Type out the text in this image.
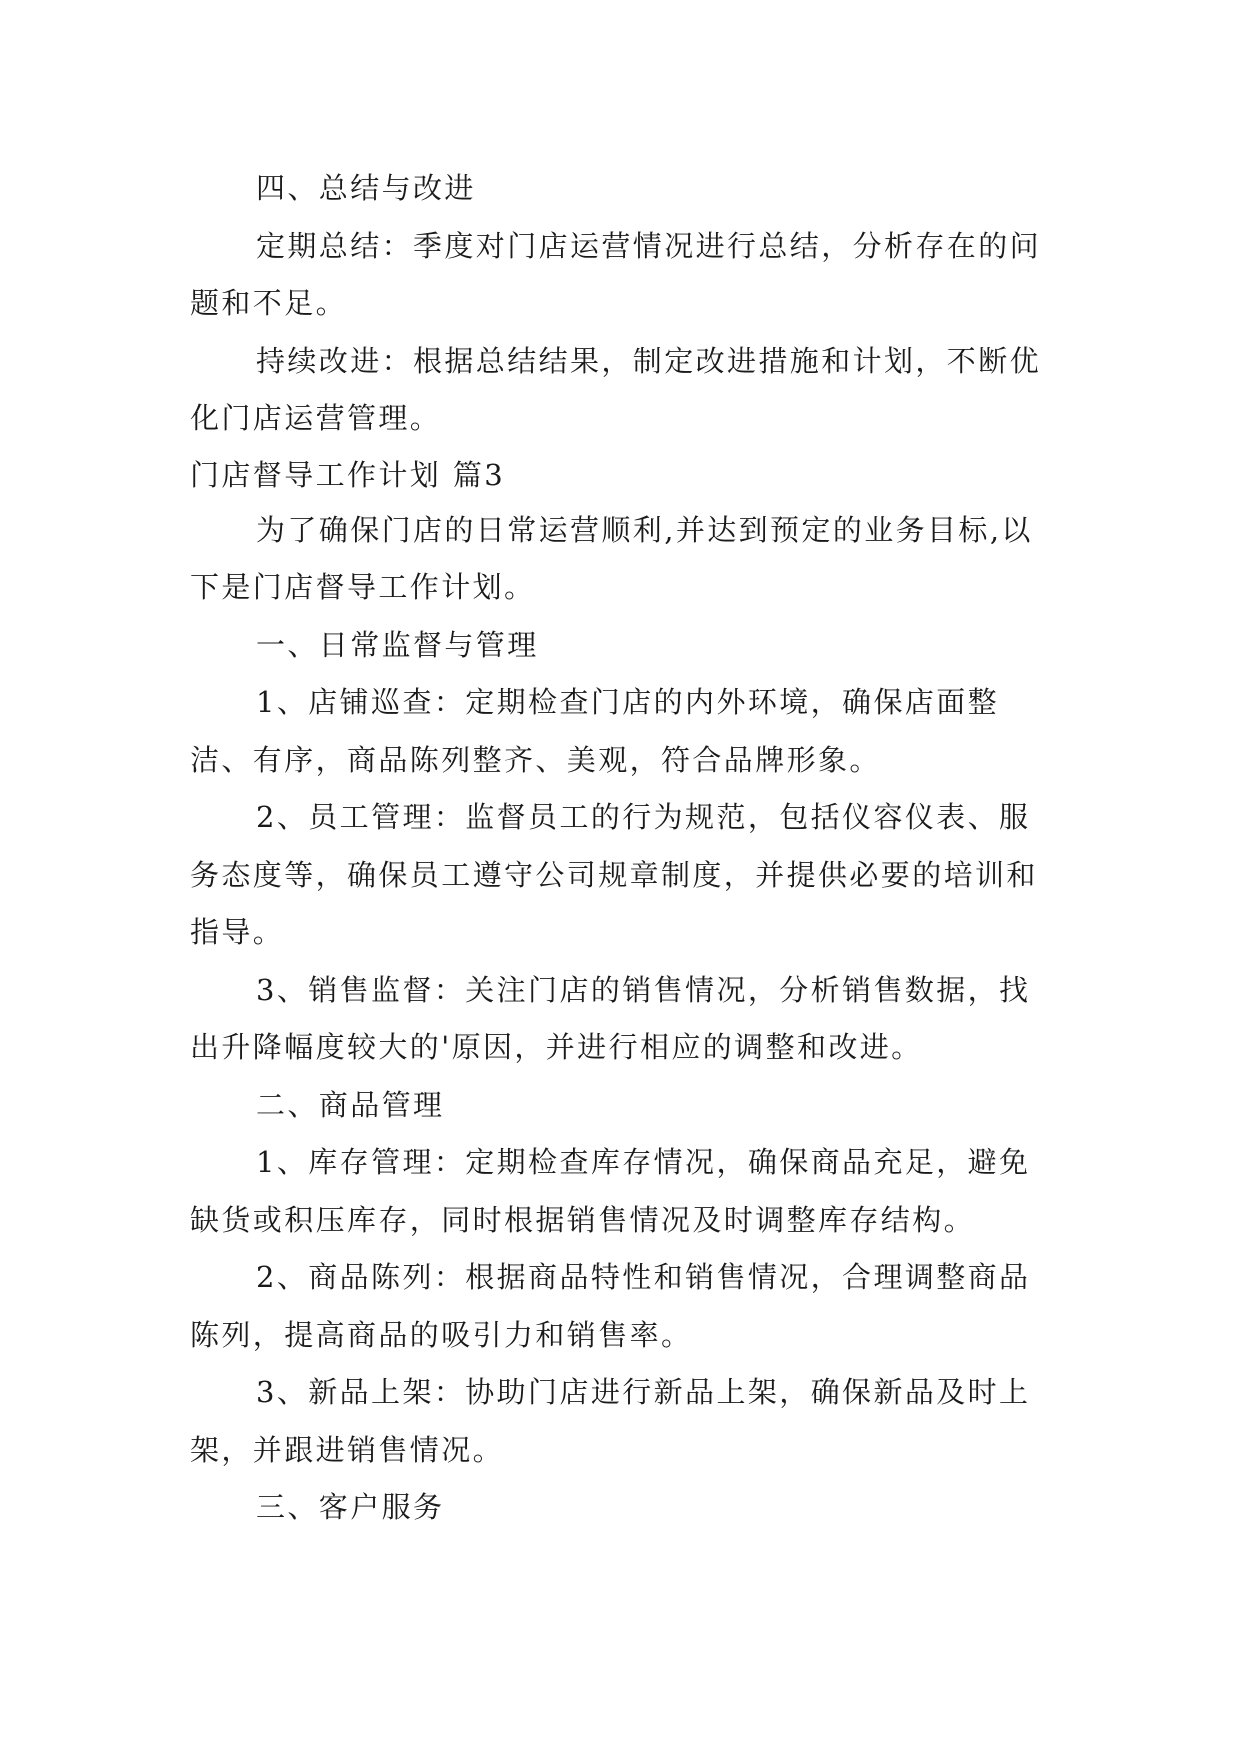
四、总结与改进

定期总结：季度对门店运营情况进行总结，分析存在的问题和不足。

持续改进：根据总结结果，制定改进措施和计划，不断优化门店运营管理。

门店督导工作计划 篇3

为了确保门店的日常运营顺利,并达到预定的业务目标,以下是门店督导工作计划。

一、日常监督与管理

1、店铺巡查：定期检查门店的内外环境，确保店面整洁、有序，商品陈列整齐、美观，符合品牌形象。

2、员工管理：监督员工的行为规范，包括仪容仪表、服务态度等，确保员工遵守公司规章制度，并提供必要的培训和指导。

3、销售监督：关注门店的销售情况，分析销售数据，找出升降幅度较大的'原因，并进行相应的调整和改进。

二、商品管理

1、库存管理：定期检查库存情况，确保商品充足，避免缺货或积压库存，同时根据销售情况及时调整库存结构。

2、商品陈列：根据商品特性和销售情况，合理调整商品陈列，提高商品的吸引力和销售率。

3、新品上架：协助门店进行新品上架，确保新品及时上架，并跟进销售情况。

三、客户服务
